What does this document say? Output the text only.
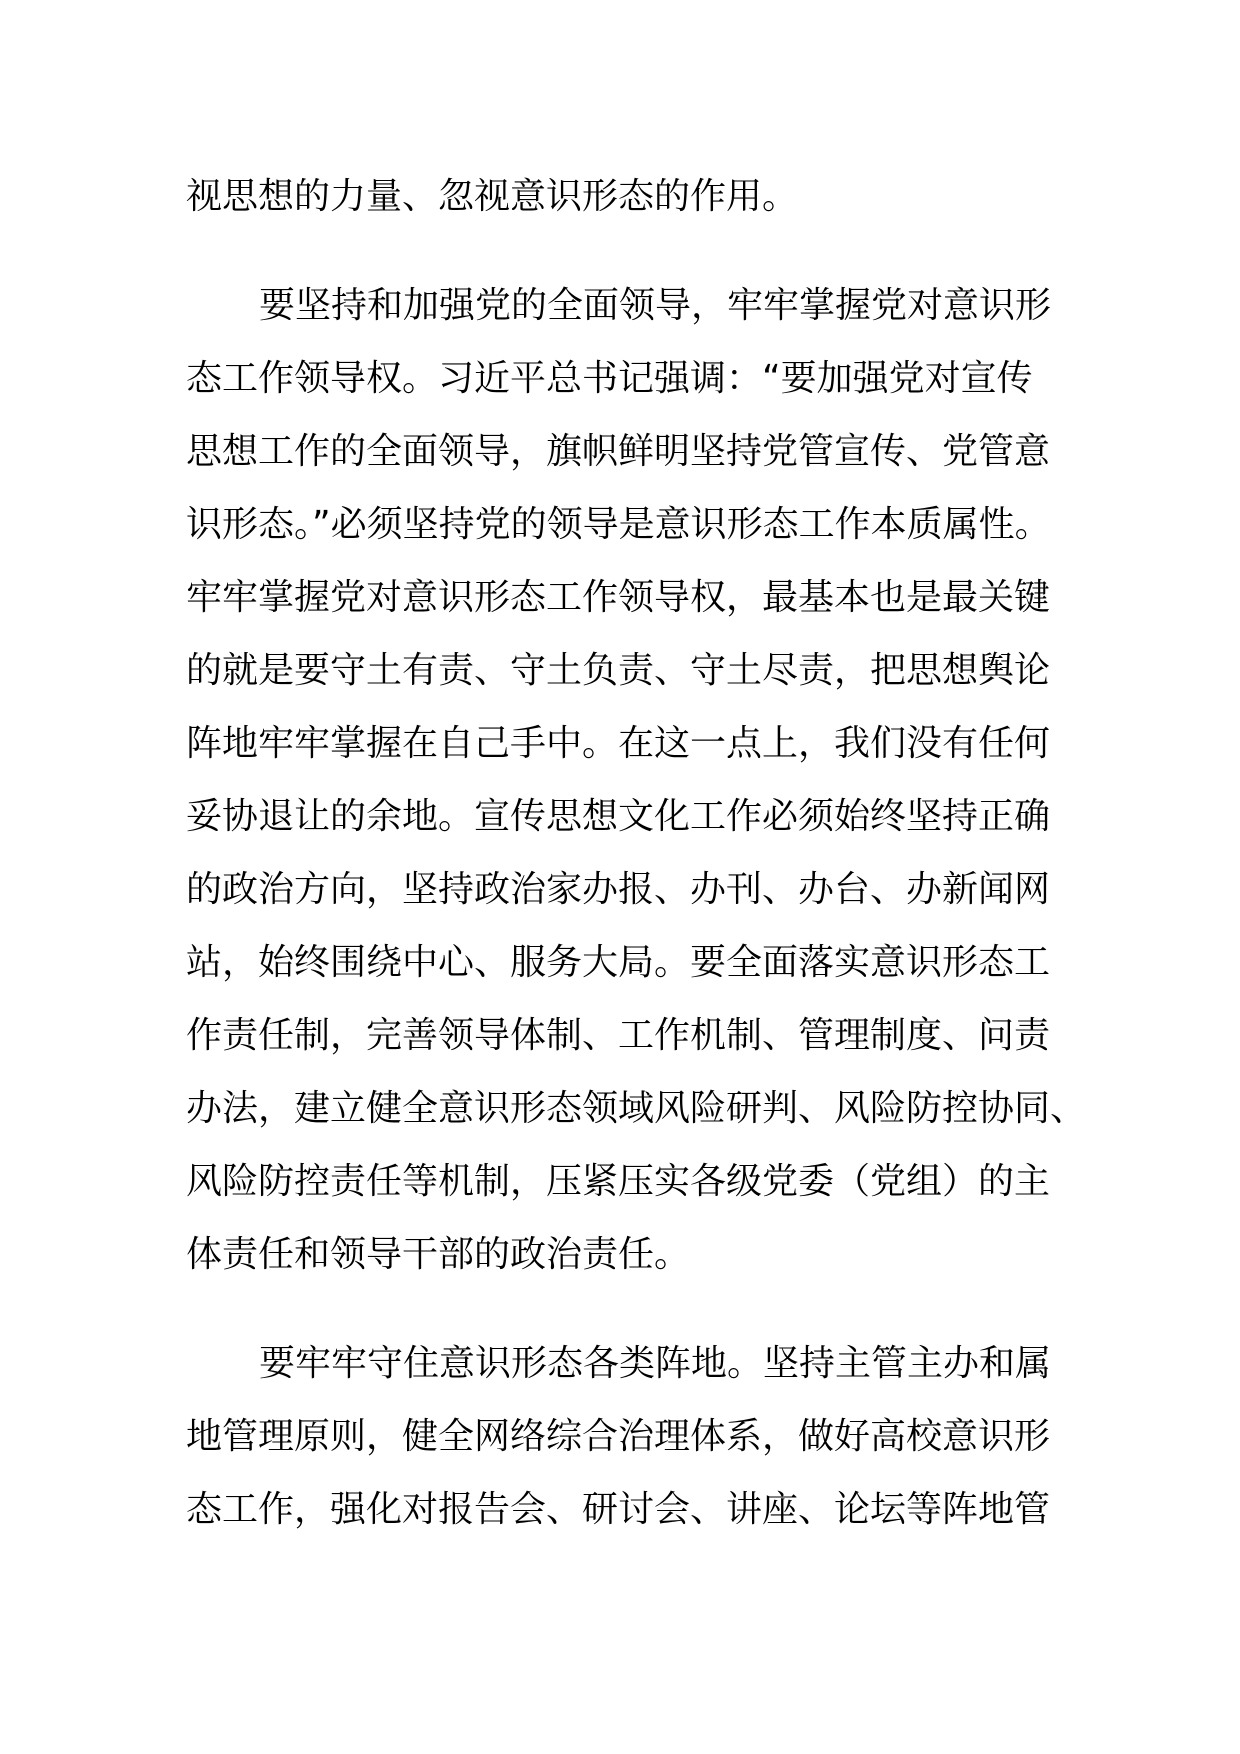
视思想的力量、忽视意识形态的作用。
要坚持和加强党的全面领导，牢牢掌握党对意识形
态工作领导权。习近平总书记强调：“要加强党对宣传
思想工作的全面领导，旗帜鲜明坚持党管宣传、党管意
识形态。”必须坚持党的领导是意识形态工作本质属性。
牢牢掌握党对意识形态工作领导权，最基本也是最关键
的就是要守土有责、守土负责、守土尽责，把思想舆论
阵地牢牢掌握在自己手中。在这一点上，我们没有任何
妥协退让的余地。宣传思想文化工作必须始终坚持正确
的政治方向，坚持政治家办报、办刊、办台、办新闻网
站，始终围绕中心、服务大局。要全面落实意识形态工
作责任制，完善领导体制、工作机制、管理制度、问责
办法，建立健全意识形态领域风险研判、风险防控协同、
风险防控责任等机制，压紧压实各级党委（党组）的主
体责任和领导干部的政治责任。
要牢牢守住意识形态各类阵地。坚持主管主办和属
地管理原则，健全网络综合治理体系，做好高校意识形
态工作，强化对报告会、研讨会、讲座、论坛等阵地管
